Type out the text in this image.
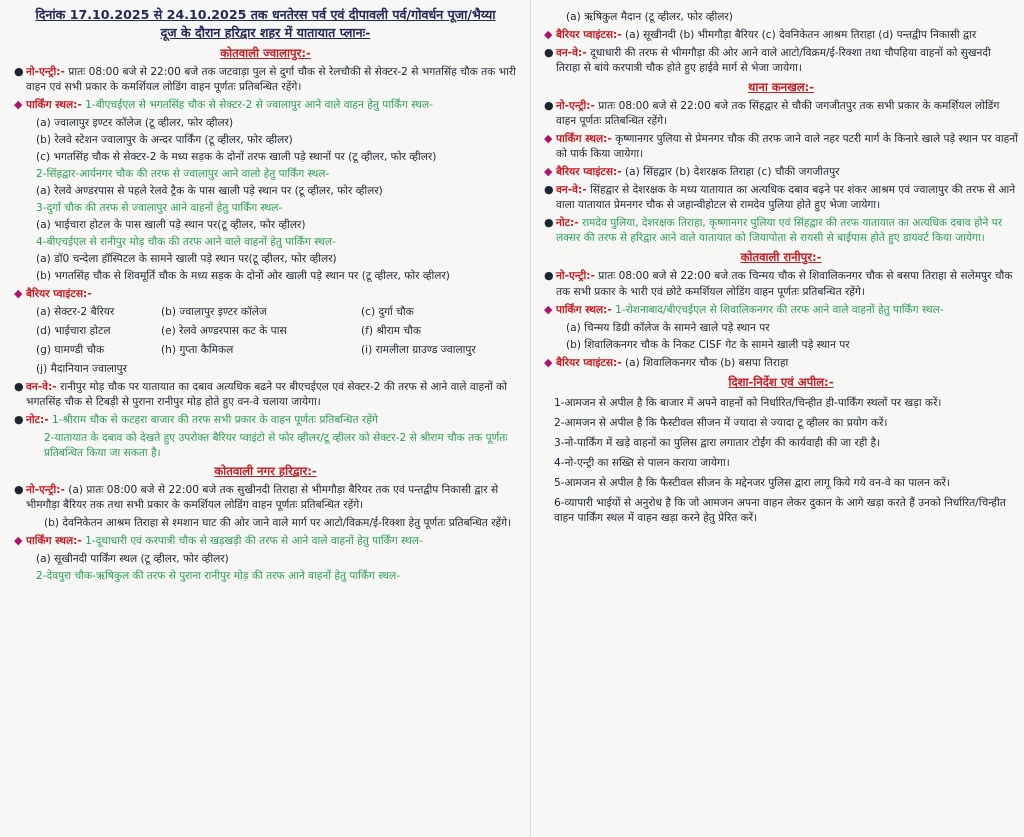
दिनांक 17.10.2025 से 24.10.2025 तक धनतेरस पर्व एवं दीपावली पर्व/गोवर्धन पूजा/भैय्या
दूज के दौरान हरिद्वार शहर में यातायात प्लानः-
कोतवाली ज्वालापुर:-
● नो-एन्ट्री:- प्रातः 08:00 बजे से 22:00 बजे तक जटवाड़ा पुल से दुर्गा चौक से रेलचौकी से सेक्टर-2 से भगतसिंह चौक तक भारी वाहन एवं सभी प्रकार के कमर्शियल लोडिंग वाहन पूर्णतः प्रतिबन्धित रहेंगे।
◆ पार्किंग स्थल:- 1-बीएचईएल से भगतसिंह चौक से सेक्टर-2 से ज्वालापुर आने वाले वाहन हेतु पार्किंग स्थल-
(a) ज्वालापुर इण्टर कॉलेज (टू व्हीलर, फोर व्हीलर)
(b) रेलवे स्टेशन ज्वालापुर के अन्दर पार्किंग (टू व्हीलर, फोर व्हीलर)
(c) भगतसिंह चौक से सेक्टर-2 के मध्य सड़क के दोनों तरफ खाली पड़े स्थानों पर (टू व्हीलर, फोर व्हीलर)
2-सिंहद्वार-आर्यनगर चौक की तरफ से ज्वालापुर आने वालो हेतु पार्किंग स्थल-
(a) रेलवे अण्डरपास से पहले रेलवे ट्रैक के पास खाली पड़े स्थान पर (टू व्हीलर, फोर व्हीलर)
3-दुर्गा चौक की तरफ से ज्वालापुर आने वाहनों हेतु पार्किंग स्थल-
(a) भाईचारा होटल के पास खाली पड़े स्थान पर(टू व्हीलर, फोर व्हीलर)
4-बीएचईएल से रानीपुर मोड़ चौक की तरफ आने वाले वाहनों हेतु पार्किंग स्थल-
(a) डॉ0 चन्देला हॉस्पिटल के सामने खाली पड़े स्थान पर(टू व्हीलर, फोर व्हीलर)
(b) भगतसिंह चौक से शिवमूर्ति चौक के मध्य सड़क के दोनों ओर खाली पड़े स्थान पर (टू व्हीलर, फोर व्हीलर)
◆ बैरियर प्वाइंटस:-
(a) सेक्टर-2 बैरियर	(b) ज्वालापुर इण्टर कॉलेज	(c) दुर्गा चौक
(d) भाईचारा होटल	(e) रेलवे अण्डरपास कट के पास	(f) श्रीराम चौक
(g) घामण्डी चौक	(h) गुप्ता कैमिकल	(i) रामलीला ग्राउण्ड ज्वालापुर
(j) मैदानियान ज्वालापुर
● वन-वे:- रानीपुर मोड़ चौक पर यातायात का दबाव अत्यधिक बढने पर बीएचईएल एवं सेक्टर-2 की तरफ से आने वाले वाहनों को भगतसिंह चौक से टिबड़ी से पुराना रानीपुर मोड़ होते हुए वन-वे चलाया जायेगा।
● नोट:- 1-श्रीराम चौक से कटहरा बाजार की तरफ सभी प्रकार के वाहन पूर्णतः प्रतिबन्धित रहेंगे
2-यातायात के दबाव को देखते हुए उपरोक्त बैरियर प्वाइंटो से फोर व्हीलर/टू व्हीलर को सेक्टर-2 से श्रीराम चौक तक पूर्णतः प्रतिबन्धित किया जा सकता है।
कोतवाली नगर हरिद्वार:-
● नो-एन्ट्री:- (a) प्रातः 08:00 बजे से 22:00 बजे तक सुखीनदी तिराहा से भीमगौड़ा बैरियर तक एवं पन्तद्वीप निकासी द्वार से भीमगौड़ा बैरियर तक तथा सभी प्रकार के कमर्शियल लोडिंग वाहन पूर्णतः प्रतिबन्धित रहेंगे।
(b) देवनिकेतन आश्रम तिराहा से श्मशान घाट की ओर जाने वाले मार्ग पर आटो/विक्रम/ई-रिक्शा हेतु पूर्णतः प्रतिबन्धित रहेंगे।
◆ पार्किंग स्थल:- 1-दूधाधारी एवं करपात्री चौक से खड़खड़ी की तरफ से आने वाले वाहनों हेतु पार्किंग स्थल-
(a) सूखीनदी पार्किंग स्थल (टू व्हीलर, फोर व्हीलर)
2-देवपुरा चौक-ऋषिकुल की तरफ से पुराना रानीपुर मोड़ की तरफ आने वाहनों हेतु पार्किंग स्थल-
(a) ऋषिकुल मैदान (टू व्हीलर, फोर व्हीलर)
◆ बैरियर प्वाइंटस:- (a) सूखीनदी (b) भीमगौड़ा बैरियर (c) देवनिकेतन आश्रम तिराहा (d) पन्तद्वीप निकासी द्वार
● वन-वे:- दूधाधारी की तरफ से भीमगौड़ा की ओर आने वाले आटो/विक्रम/ई-रिक्शा तथा चौपहिया वाहनों को सुखनदी तिराहा से बांये करपात्री चौक होते हुए हाईवे मार्ग से भेजा जायेगा।
थाना कनखल:-
● नो-एन्ट्री:- प्रातः 08:00 बजे से 22:00 बजे तक सिंहद्वार से चौकी जगजीतपुर तक सभी प्रकार के कमर्शियल लोडिंग वाहन पूर्णतः प्रतिबन्धित रहेंगे।
◆ पार्किंग स्थल:- कृष्णानगर पुलिया से प्रेमनगर चौक की तरफ जाने वाले नहर पटरी मार्ग के किनारे खाले पड़े स्थान पर वाहनों को पार्क किया जायेगा।
◆ बैरियर प्वाइंटस:- (a) सिंहद्वार (b) देशरक्षक तिराहा (c) चौकी जगजीतपुर
● वन-वे:- सिंहद्वार से देशरक्षक के मध्य यातायात का अत्यधिक दबाव बढ़ने पर शंकर आश्रम एवं ज्वालापुर की तरफ से आने वाला यातायात प्रेमनगर चौक से जहान्वीहोटल से रामदेव पुलिया होते हुए भेजा जायेगा।
● नोट:- रामदेव पुलिया, देशरक्षक तिराहा, कृष्णानगर पुलिया एवं सिंहद्वार की तरफ यातायात का अत्यधिक दबाव होने पर लक्सर की तरफ से हरिद्वार आने वाले यातायात को जियापोता से रायसी से बाईपास होते हुए डायवर्ट किया जायेगा।
कोतवाली रानीपुर:-
● नो-एन्ट्री:- प्रातः 08:00 बजे से 22:00 बजे तक चिन्मय चौक से शिवालिकनगर चौक से बसपा तिराहा से सलेमपुर चौक तक सभी प्रकार के भारी एवं छोटे कमर्शियल लोडिंग वाहन पूर्णतः प्रतिबन्धित रहेंगे।
◆ पार्किंग स्थल:- 1-रोशनाबाद/बीएचईएल से शिवालिकनगर की तरफ आने वाले वाहनों हेतु पार्किंग स्थल-
(a) चिन्मय डिग्री कॉलेज के सामने खाले पड़े स्थान पर
(b) शिवालिकनगर चौक के निकट CISF गेट के सामने खाली पड़े स्थान पर
◆ बैरियर प्वाइंटस:- (a) शिवालिकनगर चौक (b) बसपा तिराहा
दिशा-निर्देश एवं अपील:-
1-आमजन से अपील है कि बाजार में अपने वाहनों को निर्धारित/चिन्हीत ही-पार्किंग स्थलों पर खड़ा करें।
2-आमजन से अपील है कि फैस्टीवल सीजन में ज्यादा से ज्यादा टू व्हीलर का प्रयोग करें।
3-नो-पार्किंग में खड़े वाहनों का पुलिस द्वारा लगातार टोईंग की कार्यवाही की जा रही है।
4-नो-एन्ट्री का सख्ति से पालन कराया जायेगा।
5-आमजन से अपील है कि फैस्टीवल सीजन के मद्देनजर पुलिस द्वारा लागू किये गये वन-वे का पालन करें।
6-व्यापारी भाईयों से अनुरोध है कि जो आमजन अपना वाहन लेकर दुकान के आगे खड़ा करते हैं उनको निर्धारित/चिन्हीत वाहन पार्किंग स्थल में वाहन खड़ा करने हेतु प्रेरित करें।
